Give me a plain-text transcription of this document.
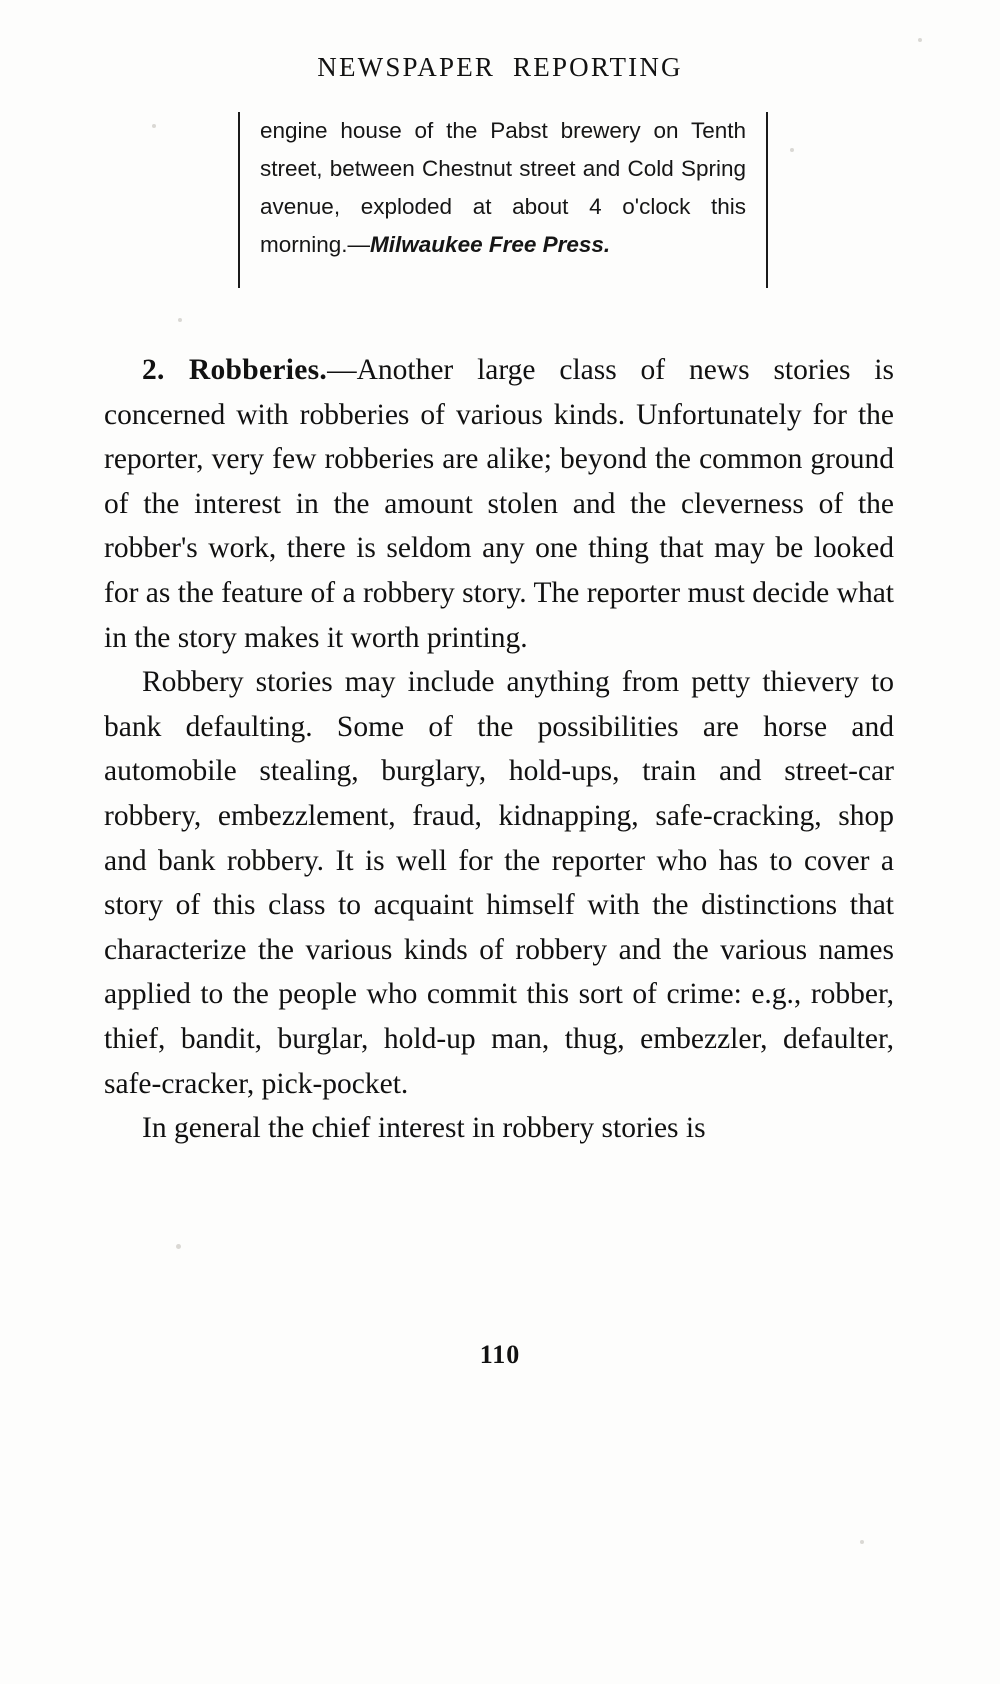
NEWSPAPER REPORTING
engine house of the Pabst brewery on Tenth street, between Chestnut street and Cold Spring avenue, exploded at about 4 o'clock this morning.—Milwaukee Free Press.

2. Robberies.—Another large class of news stories is concerned with robberies of various kinds. Unfortunately for the reporter, very few robberies are alike; beyond the common ground of the interest in the amount stolen and the cleverness of the robber's work, there is seldom any one thing that may be looked for as the feature of a robbery story. The reporter must decide what in the story makes it worth printing.

Robbery stories may include anything from petty thievery to bank defaulting. Some of the possibilities are horse and automobile stealing, burglary, hold-ups, train and street-car robbery, embezzlement, fraud, kidnapping, safe-cracking, shop and bank robbery. It is well for the reporter who has to cover a story of this class to acquaint himself with the distinctions that characterize the various kinds of robbery and the various names applied to the people who commit this sort of crime: e.g., robber, thief, bandit, burglar, hold-up man, thug, embezzler, defaulter, safe-cracker, pick-pocket.

In general the chief interest in robbery stories is

110
